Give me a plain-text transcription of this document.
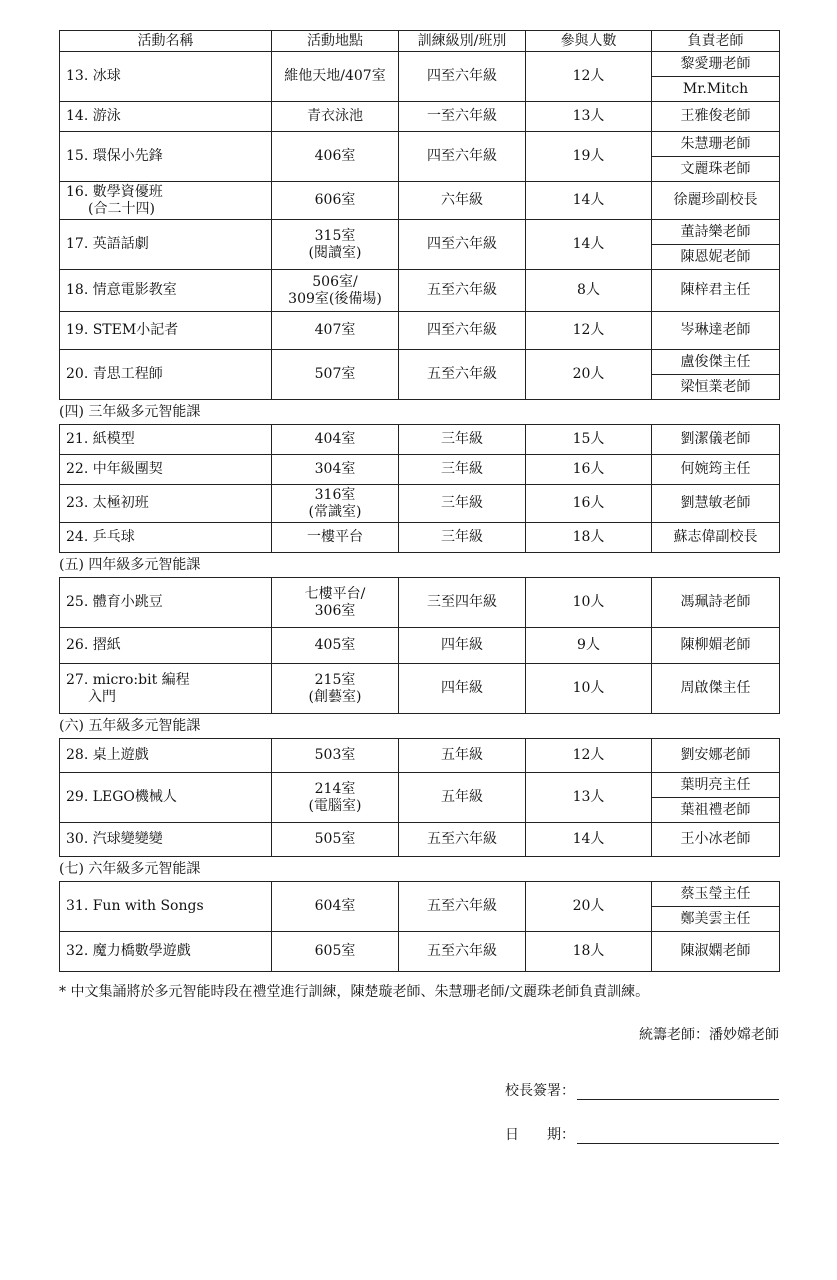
活動名稱	活動地點	訓練級別/班別	參與人數	負責老師

13. 冰球	維他天地/407室	四至六年級	12人	黎愛珊老師
				Mr.Mitch

14. 游泳	青衣泳池	一至六年級	13人	王雅俊老師

15. 環保小先鋒	406室	四至六年級	19人	朱慧珊老師
				文麗珠老師

16. 數學資優班
(合二十四)	606室	六年級	14人	徐麗珍副校長

17. 英語話劇	315室
(閱讀室)	四至六年級	14人	董詩樂老師
				陳恩妮老師

18. 情意電影教室	506室/
309室(後備場)	五至六年級	8人	陳梓君主任

19. STEM小記者	407室	四至六年級	12人	岑琳達老師

20. 青思工程師	507室	五至六年級	20人	盧俊傑主任
				梁恒業老師
(四) 三年級多元智能課
21. 紙模型	404室	三年級	15人	劉潔儀老師

22. 中年級團契	304室	三年級	16人	何婉筠主任

23. 太極初班	316室
(常識室)	三年級	16人	劉慧敏老師

24. 乒乓球	一樓平台	三年級	18人	蘇志偉副校長
(五) 四年級多元智能課
25. 體育小跳豆	七樓平台/
306室	三至四年級	10人	馮珮詩老師

26. 摺紙	405室	四年級	9人	陳柳媚老師

27. micro:bit 編程
入門	215室
(創藝室)	四年級	10人	周啟傑主任
(六) 五年級多元智能課
28. 桌上遊戲	503室	五年級	12人	劉安娜老師

29. LEGO機械人	214室
(電腦室)	五年級	13人	葉明亮主任
				葉祖禮老師

30. 汽球變變變	505室	五至六年級	14人	王小冰老師
(七) 六年級多元智能課
31. Fun with Songs	604室	五至六年級	20人	蔡玉瑩主任
				鄭美雲主任

32. 魔力橋數學遊戲	605室	五至六年級	18人	陳淑嫻老師
* 中文集誦將於多元智能時段在禮堂進行訓練，陳楚璇老師、朱慧珊老師/文麗珠老師負責訓練。
統籌老師：潘妙嫦老師
校長簽署：
日 期：
